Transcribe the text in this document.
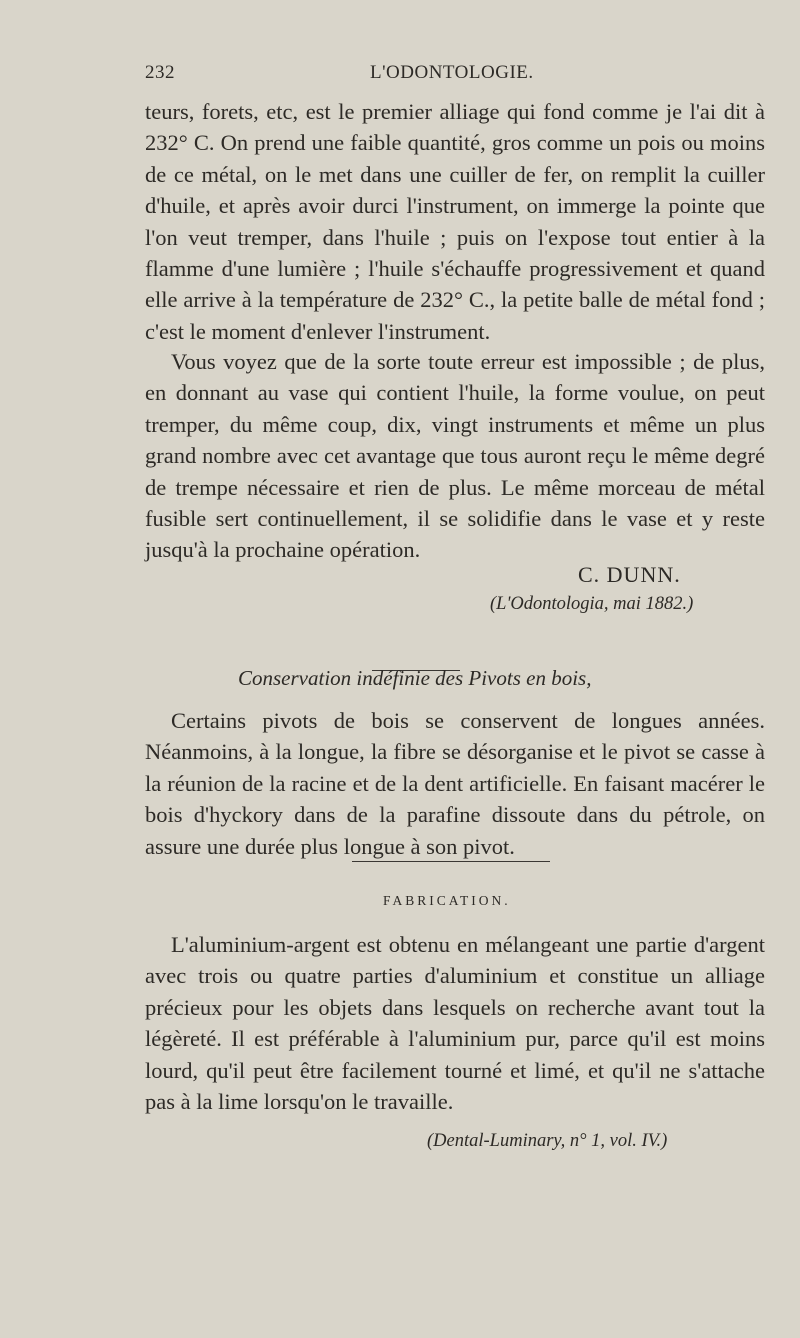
232	L'ODONTOLOGIE.

teurs, forets, etc, est le premier alliage qui fond comme je l'ai dit à 232° C. On prend une faible quantité, gros comme un pois ou moins de ce métal, on le met dans une cuiller de fer, on remplit la cuiller d'huile, et après avoir durci l'instrument, on immerge la pointe que l'on veut tremper, dans l'huile ; puis on l'expose tout entier à la flamme d'une lumière ; l'huile s'échauffe progressivement et quand elle arrive à la température de 232° C., la petite balle de métal fond ; c'est le moment d'enlever l'instrument.

Vous voyez que de la sorte toute erreur est impossible ; de plus, en donnant au vase qui contient l'huile, la forme voulue, on peut tremper, du même coup, dix, vingt instruments et même un plus grand nombre avec cet avantage que tous auront reçu le même degré de trempe nécessaire et rien de plus. Le même morceau de métal fusible sert continuellement, il se solidifie dans le vase et y reste jusqu'à la prochaine opération.

C. DUNN.
(L'Odontologia, mai 1882.)
Conservation indéfinie des Pivots en bois,

Certains pivots de bois se conservent de longues années. Néanmoins, à la longue, la fibre se désorganise et le pivot se casse à la réunion de la racine et de la dent artificielle. En faisant macérer le bois d'hyckory dans de la parafine dissoute dans du pétrole, on assure une durée plus longue à son pivot.

FABRICATION.

L'aluminium-argent est obtenu en mélangeant une partie d'argent avec trois ou quatre parties d'aluminium et constitue un alliage précieux pour les objets dans lesquels on recherche avant tout la légèreté. Il est préférable à l'aluminium pur, parce qu'il est moins lourd, qu'il peut être facilement tourné et limé, et qu'il ne s'attache pas à la lime lorsqu'on le travaille.

(Dental-Luminary, n° 1, vol. IV.)
